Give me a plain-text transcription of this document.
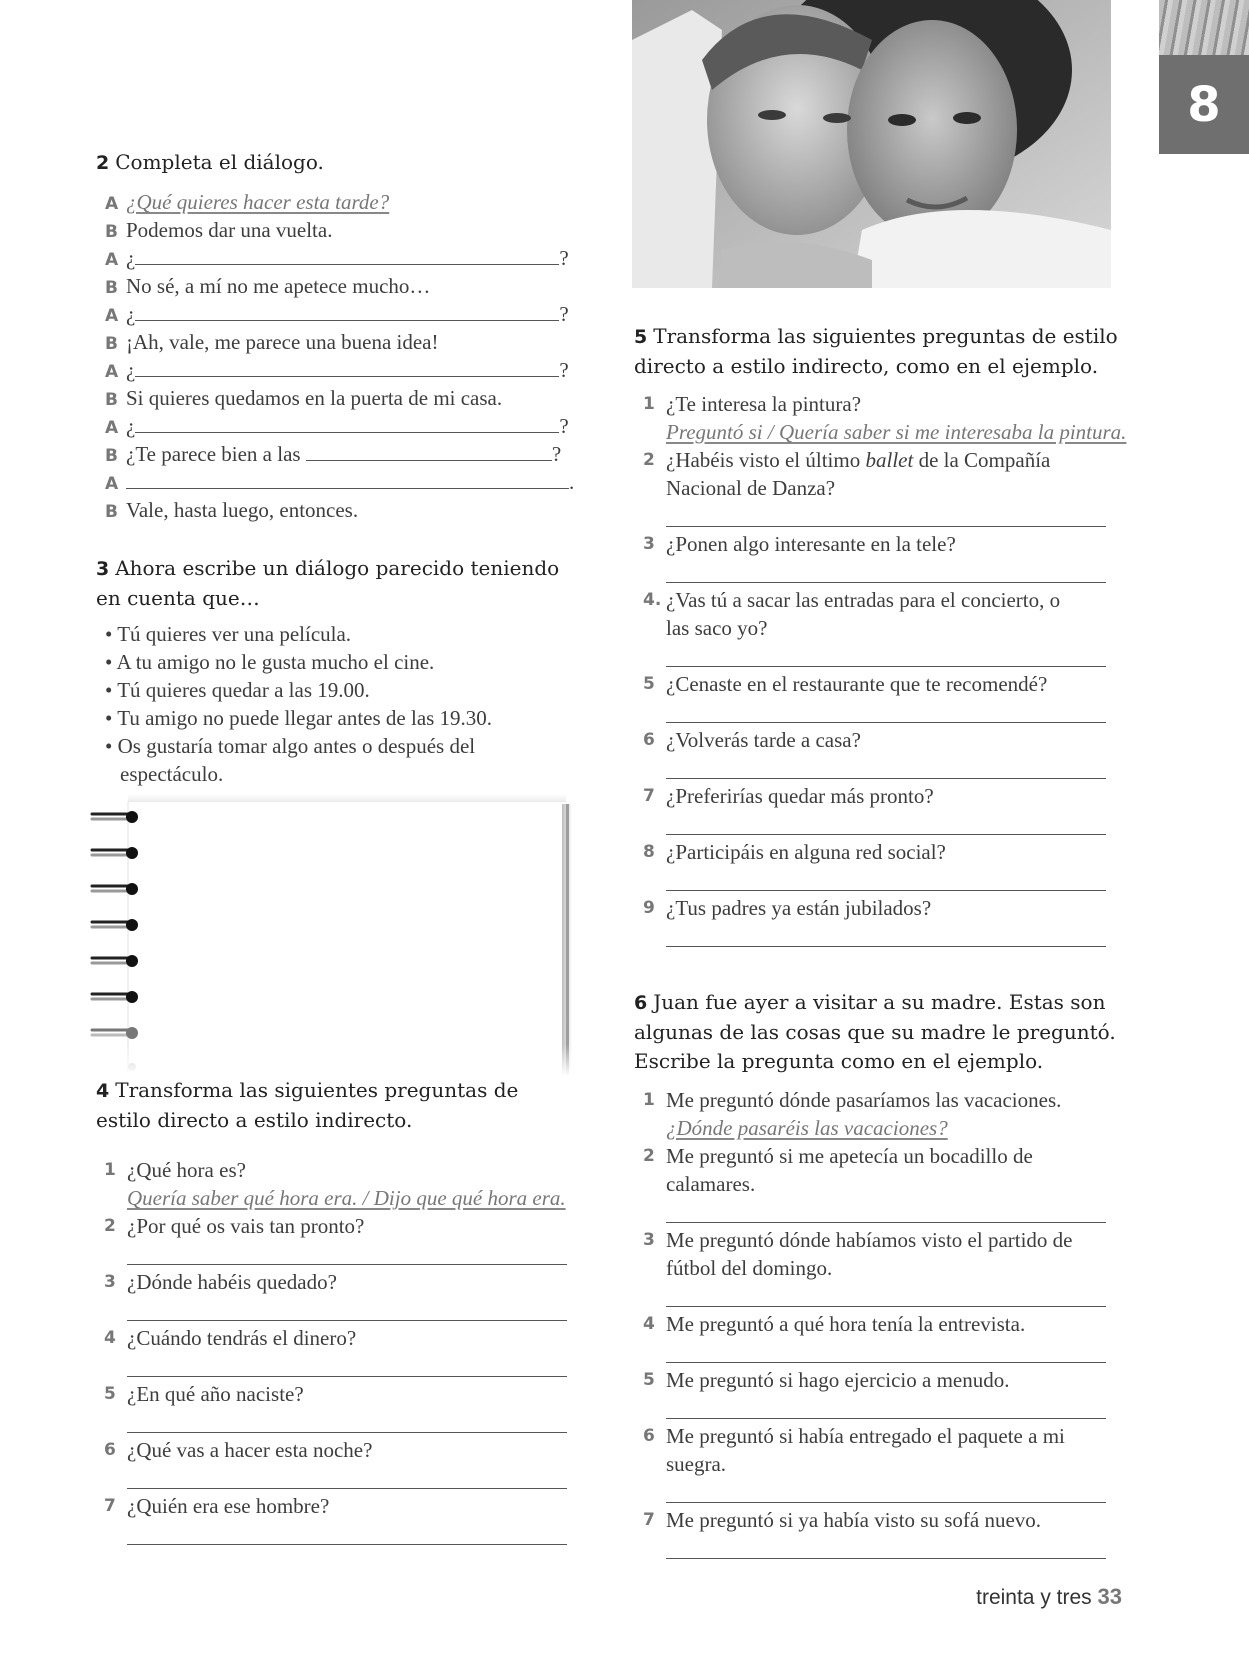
8

2 Completa el diálogo.

A ¿Qué quieres hacer esta tarde?
B Podemos dar una vuelta.
A ¿	?
B No sé, a mí no me apetece mucho…
A ¿	?
B ¡Ah, vale, me parece una buena idea!
A ¿	?
B Si quieres quedamos en la puerta de mi casa.
A ¿	?
B ¿Te parece bien a las	?
A	.
B Vale, hasta luego, entonces.

3 Ahora escribe un diálogo parecido teniendo
en cuenta que…

• Tú quieres ver una película.
• A tu amigo no le gusta mucho el cine.
• Tú quieres quedar a las 19.00.
• Tu amigo no puede llegar antes de las 19.30.
• Os gustaría tomar algo antes o después del
espectáculo.

4 Transforma las siguientes preguntas de
estilo directo a estilo indirecto.

1 ¿Qué hora es?
Quería saber qué hora era. / Dijo que qué hora era.
2 ¿Por qué os vais tan pronto?
3 ¿Dónde habéis quedado?
4 ¿Cuándo tendrás el dinero?
5 ¿En qué año naciste?
6 ¿Qué vas a hacer esta noche?
7 ¿Quién era ese hombre?

5 Transforma las siguientes preguntas de estilo
directo a estilo indirecto, como en el ejemplo.

1 ¿Te interesa la pintura?
Preguntó si / Quería saber si me interesaba la pintura.
2 ¿Habéis visto el último ballet de la Compañía
Nacional de Danza?
3 ¿Ponen algo interesante en la tele?
4. ¿Vas tú a sacar las entradas para el concierto, o
las saco yo?
5 ¿Cenaste en el restaurante que te recomendé?
6 ¿Volverás tarde a casa?
7 ¿Preferirías quedar más pronto?
8 ¿Participáis en alguna red social?
9 ¿Tus padres ya están jubilados?

6 Juan fue ayer a visitar a su madre. Estas son
algunas de las cosas que su madre le preguntó.
Escribe la pregunta como en el ejemplo.

1 Me preguntó dónde pasaríamos las vacaciones.
¿Dónde pasaréis las vacaciones?
2 Me preguntó si me apetecía un bocadillo de
calamares.
3 Me preguntó dónde habíamos visto el partido de
fútbol del domingo.
4 Me preguntó a qué hora tenía la entrevista.
5 Me preguntó si hago ejercicio a menudo.
6 Me preguntó si había entregado el paquete a mi
suegra.
7 Me preguntó si ya había visto su sofá nuevo.
treinta y tres 33
